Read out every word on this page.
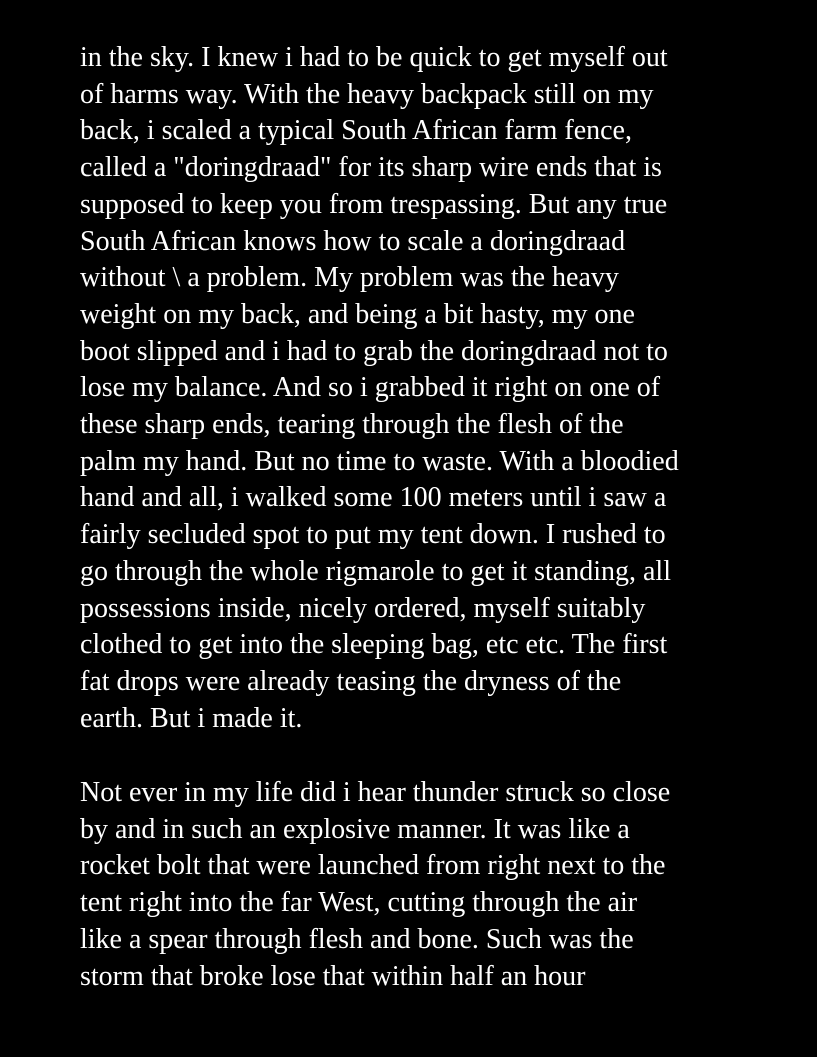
in the sky. I knew i had to be quick to get myself out
of harms way. With the heavy backpack still on my
back, i scaled a typical South African farm fence,
called a "doringdraad" for its sharp wire ends that is
supposed to keep you from trespassing. But any true
South African knows how to scale a doringdraad
without \ a problem. My problem was the heavy
weight on my back, and being a bit hasty, my one
boot slipped and i had to grab the doringdraad not to
lose my balance. And so i grabbed it right on one of
these sharp ends, tearing through the flesh of the
palm my hand. But no time to waste. With a bloodied
hand and all, i walked some 100 meters until i saw a
fairly secluded spot to put my tent down. I rushed to
go through the whole rigmarole to get it standing, all
possessions inside, nicely ordered, myself suitably
clothed to get into the sleeping bag, etc etc. The first
fat drops were already teasing the dryness of the
earth. But i made it.
Not ever in my life did i hear thunder struck so close
by and in such an explosive manner. It was like a
rocket bolt that were launched from right next to the
tent right into the far West, cutting through the air
like a spear through flesh and bone. Such was the
storm that broke lose that within half an hour
